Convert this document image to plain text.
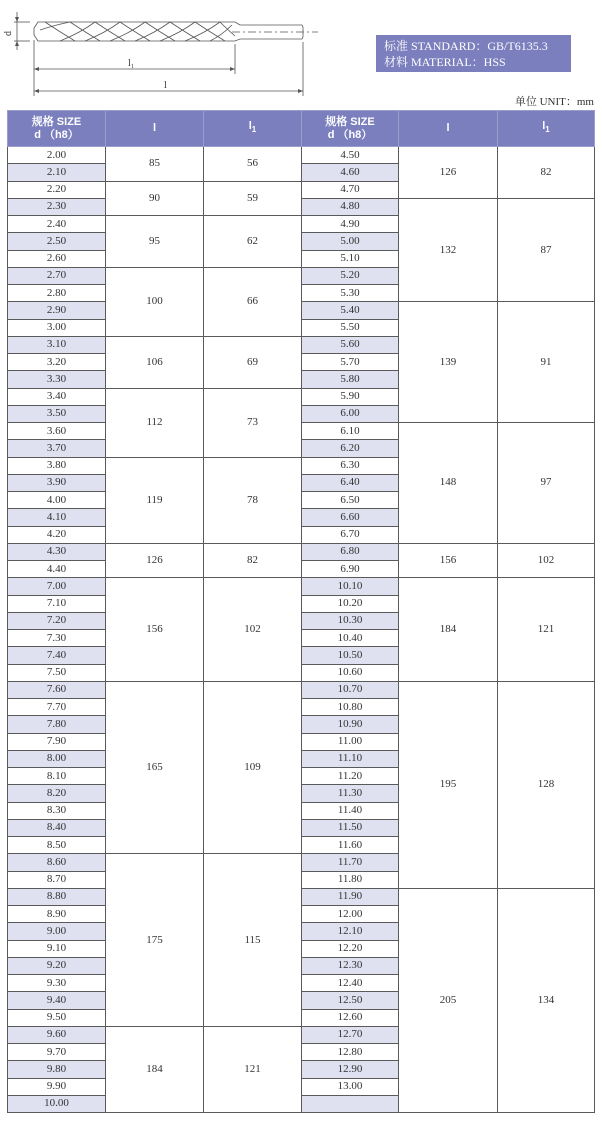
d
l₁
l
标准 STANDARD：GB/T6135.3
材料 MATERIAL：HSS
单位 UNIT：mm
规格 SIZE
d （h8）	l	$l_1$
2.00	85	56
2.10		
2.20	90	59
2.30		
2.40	95	62
2.50		
2.60		
2.70	100	66
2.80		
2.90		
3.00		
3.10	106	69
3.20		
3.30		
3.40	112	73
3.50		
3.60		
3.70		
3.80	119	78
3.90		
4.00		
4.10		
4.20		
4.30	126	82
4.40		
7.00	156	102
7.10		
7.20		
7.30		
7.40		
7.50		
7.60	165	109
7.70		
7.80		
7.90		
8.00		
8.10		
8.20		
8.30		
8.40		
8.50		
8.60	175	115
8.70		
8.80		
8.90		
9.00		
9.10		
9.20		
9.30		
9.40		
9.50		
9.60	184	121
9.70		
9.80		
9.90		
10.00		
规格 SIZE
d （h8）	l	$l_1$
4.50	126	82
4.60		
4.70		
4.80	132	87
4.90		
5.00		
5.10		
5.20		
5.30		
5.40	139	91
5.50		
5.60		
5.70		
5.80		
5.90		
6.00		
6.10	148	97
6.20		
6.30		
6.40		
6.50		
6.60		
6.70		
6.80	156	102
6.90		
10.10	184	121
10.20		
10.30		
10.40		
10.50		
10.60		
10.70	195	128
10.80		
10.90		
11.00		
11.10		
11.20		
11.30		
11.40		
11.50		
11.60		
11.70		
11.80		
11.90	205	134
12.00		
12.10		
12.20		
12.30		
12.40		
12.50		
12.60		
12.70		
12.80		
12.90		
13.00		
